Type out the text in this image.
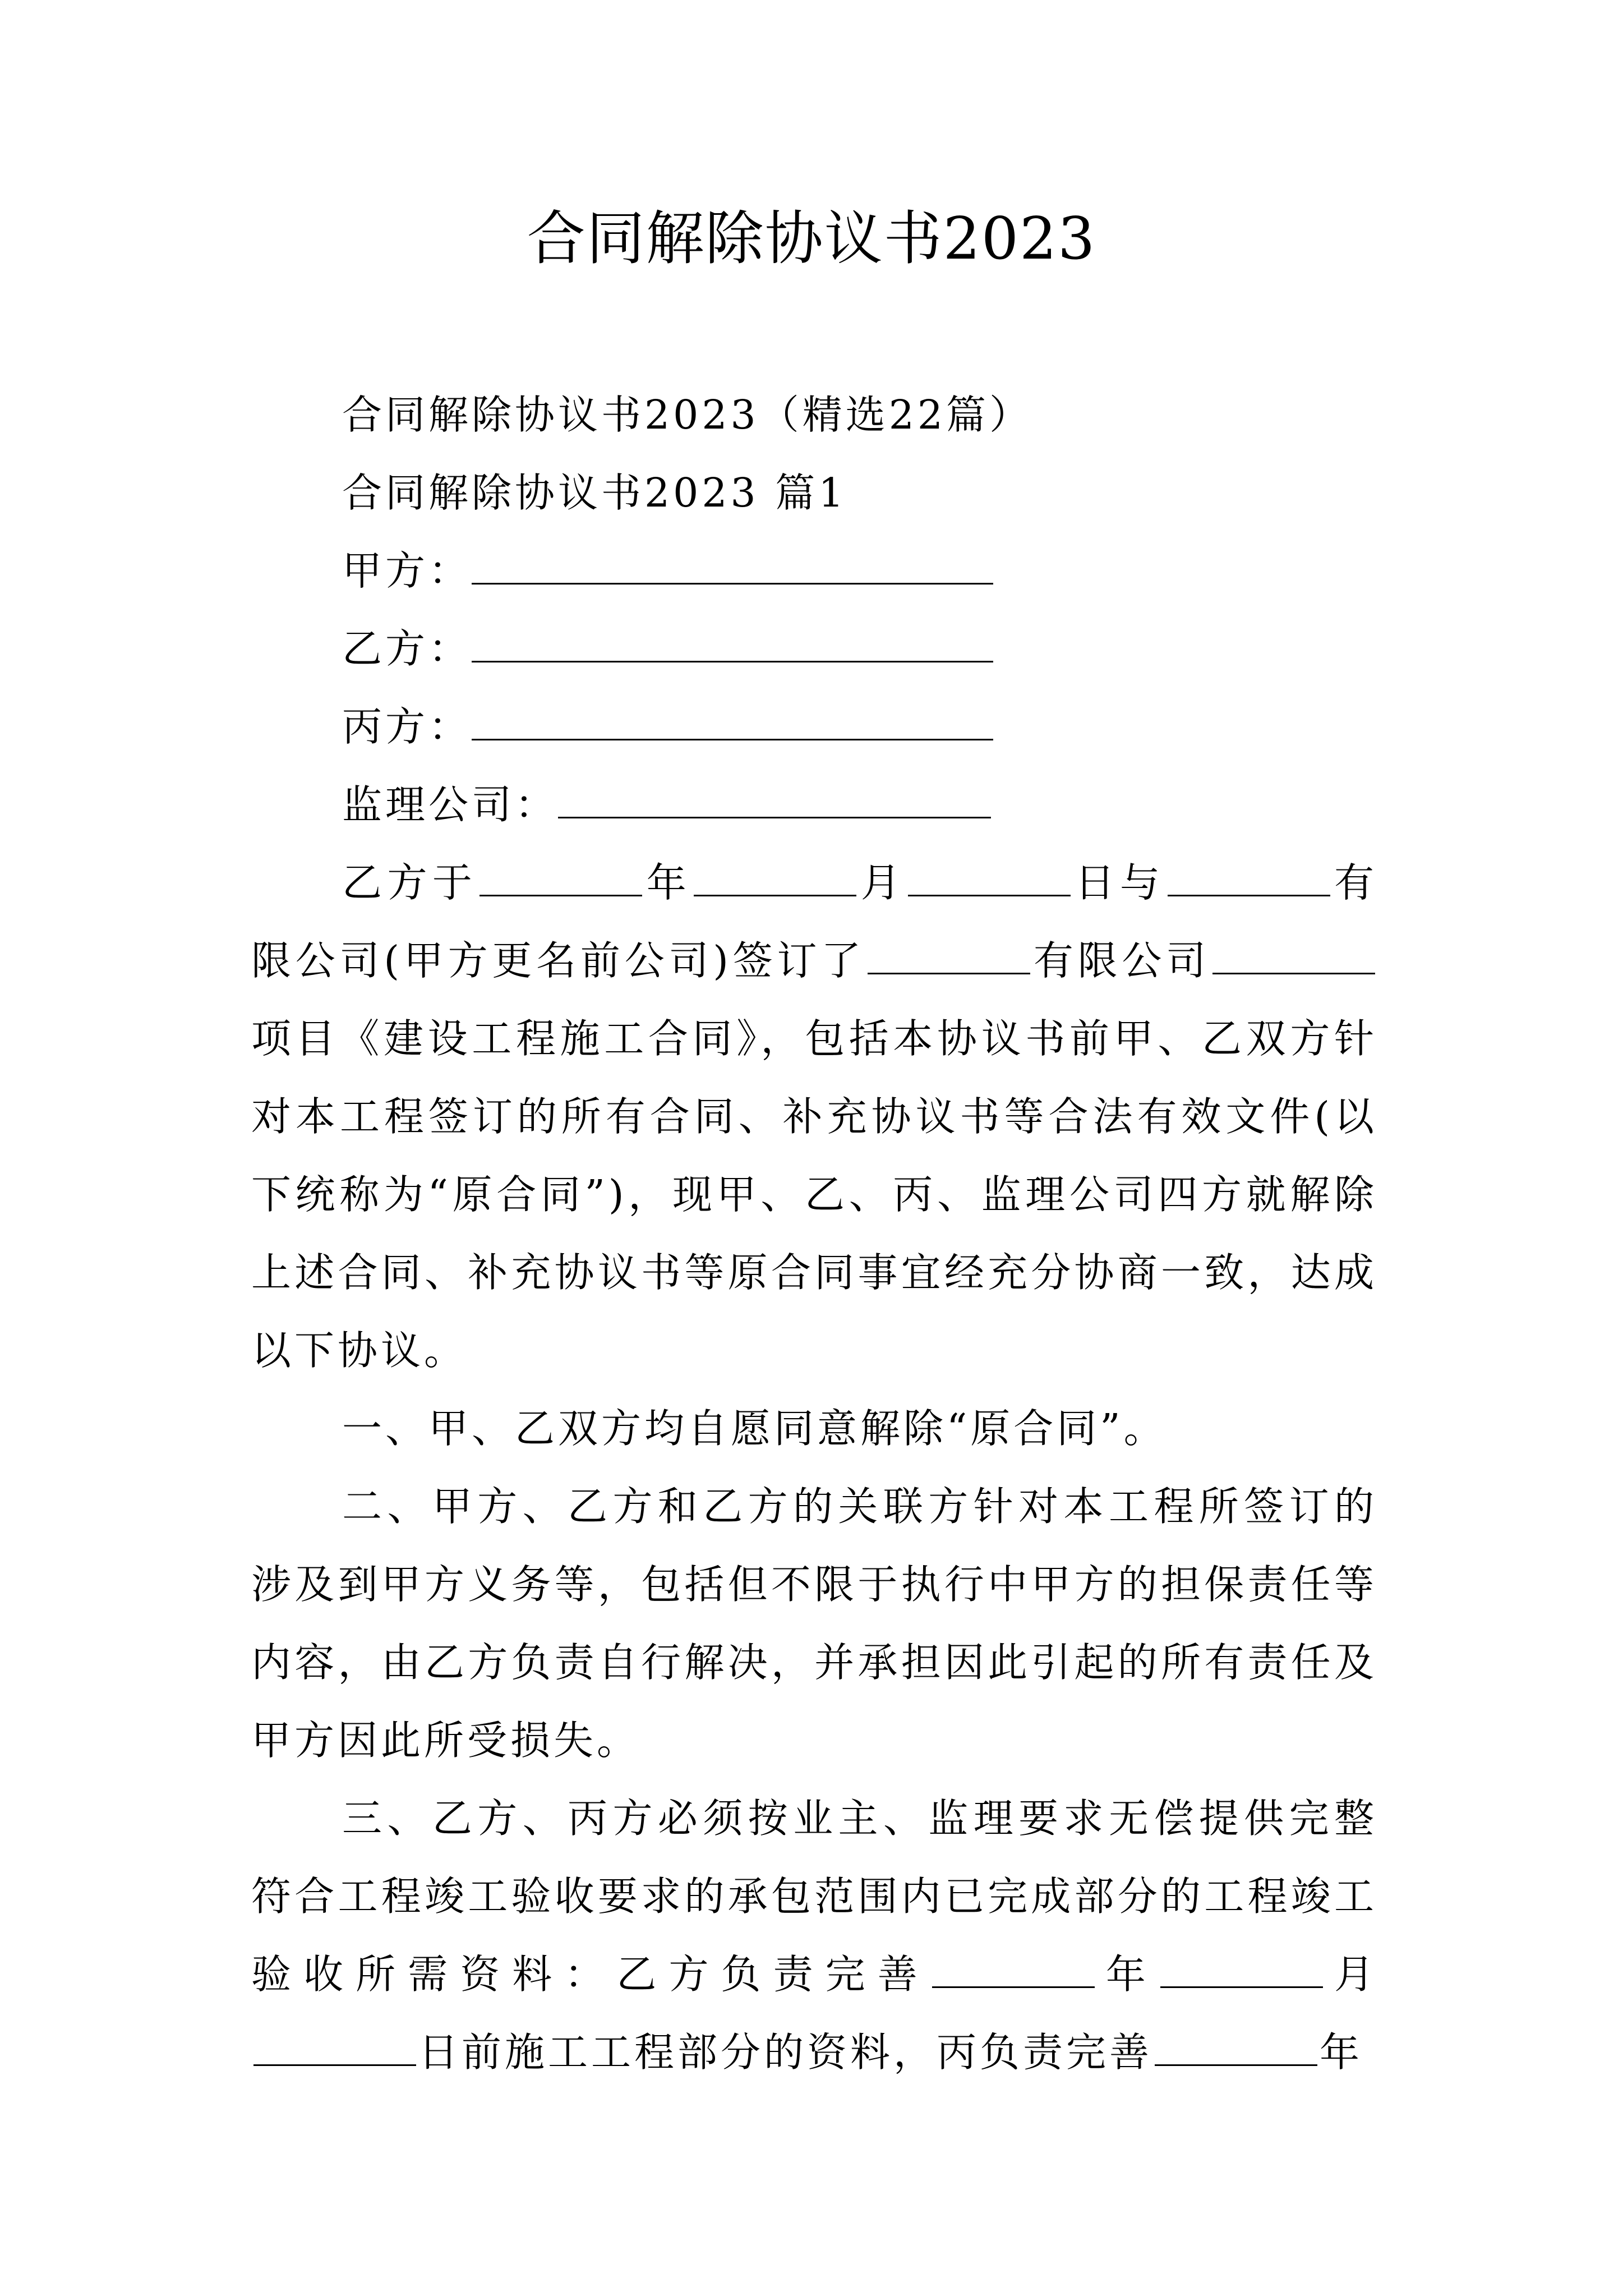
合同解除协议书2023
合同解除协议书2023（精选22篇）
合同解除协议书2023 篇1
甲方：
乙方：
丙方：
监理公司：

乙方于	年	月	日与	有限公司(甲方更名前公司)签订了	有限公司项目《建设工程施工合同》，包括本协议书前甲、乙双方针对本工程签订的所有合同、补充协议书等合法有效文件(以下统称为“原合同”)，现甲、乙、丙、监理公司四方就解除上述合同、补充协议书等原合同事宜经充分协商一致，达成以下协议。

一、甲、乙双方均自愿同意解除“原合同”。

二、甲方、乙方和乙方的关联方针对本工程所签订的涉及到甲方义务等，包括但不限于执行中甲方的担保责任等内容，由乙方负责自行解决，并承担因此引起的所有责任及甲方因此所受损失。

三、乙方、丙方必须按业主、监理要求无偿提供完整符合工程竣工验收要求的承包范围内已完成部分的工程竣工验收所需资料：乙方负责完善	年	月日前施工工程部分的资料，丙负责完善	年
